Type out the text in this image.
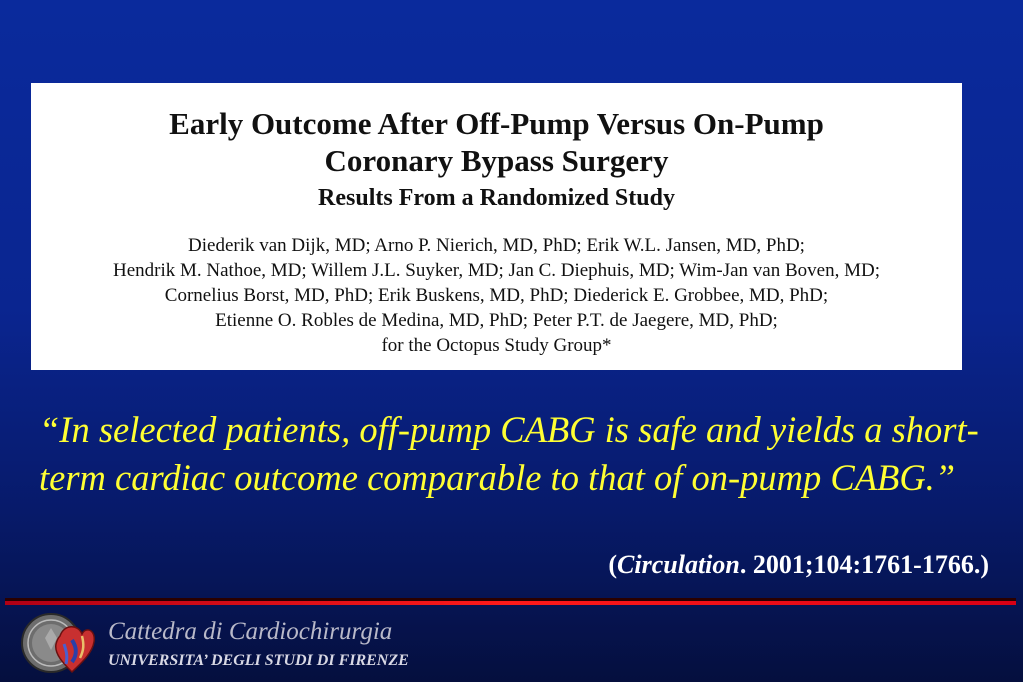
Early Outcome After Off-Pump Versus On-Pump
Coronary Bypass Surgery
Results From a Randomized Study
Diederik van Dijk, MD; Arno P. Nierich, MD, PhD; Erik W.L. Jansen, MD, PhD;
Hendrik M. Nathoe, MD; Willem J.L. Suyker, MD; Jan C. Diephuis, MD; Wim-Jan van Boven, MD;
Cornelius Borst, MD, PhD; Erik Buskens, MD, PhD; Diederick E. Grobbee, MD, PhD;
Etienne O. Robles de Medina, MD, PhD; Peter P.T. de Jaegere, MD, PhD;
for the Octopus Study Group*

“In selected patients, off-pump CABG is safe and yields a short-term cardiac outcome comparable to that of on-pump CABG.”

(Circulation. 2001;104:1761-1766.)
Cattedra di Cardiochirurgia
UNIVERSITA’ DEGLI STUDI DI FIRENZE
